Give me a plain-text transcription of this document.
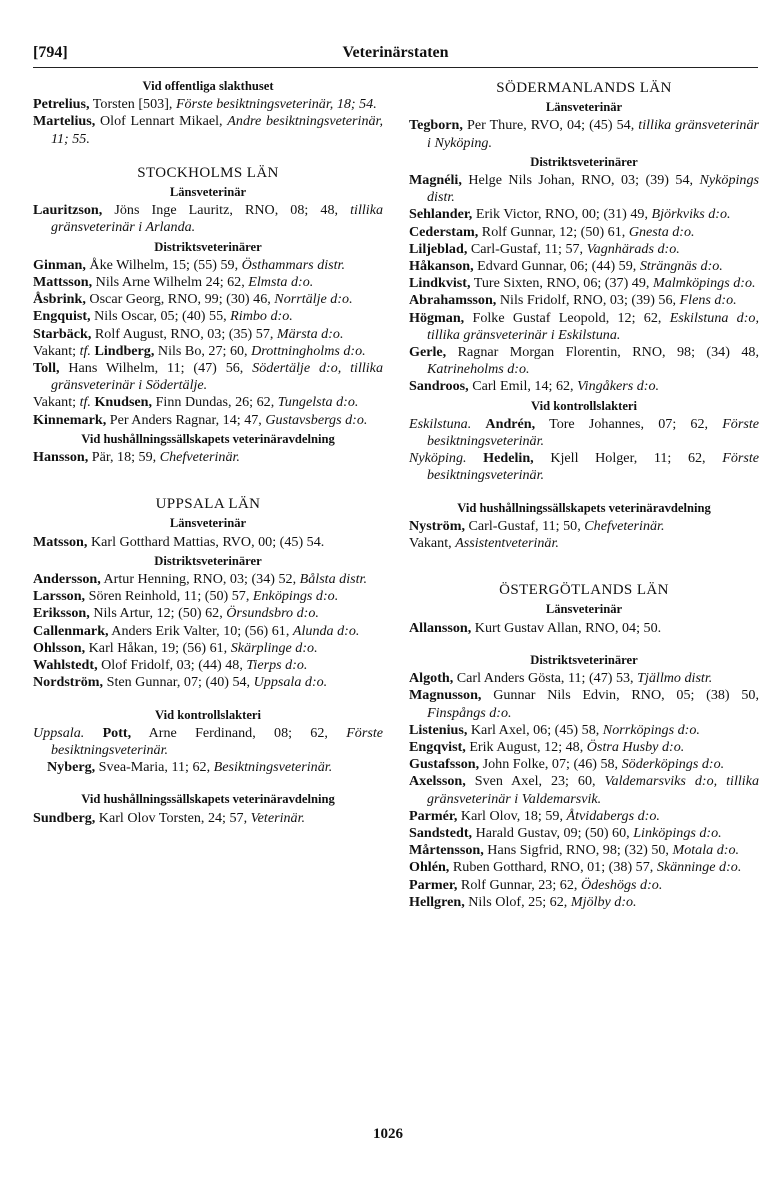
[794]	Veterinärstaten

Vid offentliga slakthuset

Petrelius, Torsten [503], Förste besiktningsveterinär, 18; 54.

Martelius, Olof Lennart Mikael, Andre besiktningsveterinär, 11; 55.

STOCKHOLMS LÄN

Länsveterinär

Lauritzson, Jöns Inge Lauritz, RNO, 08; 48, tillika gränsveterinär i Arlanda.

Distriktsveterinärer

Ginman, Åke Wilhelm, 15; (55) 59, Östhammars distr.

Mattsson, Nils Arne Wilhelm 24; 62, Elmsta d:o.

Åsbrink, Oscar Georg, RNO, 99; (30) 46, Norrtälje d:o.

Engquist, Nils Oscar, 05; (40) 55, Rimbo d:o.

Starbäck, Rolf August, RNO, 03; (35) 57, Märsta d:o.

Vakant; tf. Lindberg, Nils Bo, 27; 60, Drottningholms d:o.

Toll, Hans Wilhelm, 11; (47) 56, Södertälje d:o, tillika gränsveterinär i Södertälje.

Vakant; tf. Knudsen, Finn Dundas, 26; 62, Tungelsta d:o.

Kinnemark, Per Anders Ragnar, 14; 47, Gustavsbergs d:o.

Vid hushållningssällskapets veterinäravdelning

Hansson, Pär, 18; 59, Chefveterinär.

UPPSALA LÄN

Länsveterinär

Matsson, Karl Gotthard Mattias, RVO, 00; (45) 54.

Distriktsveterinärer

Andersson, Artur Henning, RNO, 03; (34) 52, Bålsta distr.

Larsson, Sören Reinhold, 11; (50) 57, Enköpings d:o.

Eriksson, Nils Artur, 12; (50) 62, Örsundsbro d:o.

Callenmark, Anders Erik Valter, 10; (56) 61, Alunda d:o.

Ohlsson, Karl Håkan, 19; (56) 61, Skärplinge d:o.

Wahlstedt, Olof Fridolf, 03; (44) 48, Tierps d:o.

Nordström, Sten Gunnar, 07; (40) 54, Uppsala d:o.

Vid kontrollslakteri

Uppsala. Pott, Arne Ferdinand, 08; 62, Förste besiktningsveterinär.

Nyberg, Svea-Maria, 11; 62, Besiktningsveterinär.

Vid hushållningssällskapets veterinäravdelning

Sundberg, Karl Olov Torsten, 24; 57, Veterinär.

SÖDERMANLANDS LÄN

Länsveterinär

Tegborn, Per Thure, RVO, 04; (45) 54, tillika gränsveterinär i Nyköping.

Distriktsveterinärer

Magnéli, Helge Nils Johan, RNO, 03; (39) 54, Nyköpings distr.

Sehlander, Erik Victor, RNO, 00; (31) 49, Björkviks d:o.

Cederstam, Rolf Gunnar, 12; (50) 61, Gnesta d:o.

Liljeblad, Carl-Gustaf, 11; 57, Vagnhärads d:o.

Håkanson, Edvard Gunnar, 06; (44) 59, Strängnäs d:o.

Lindkvist, Ture Sixten, RNO, 06; (37) 49, Malmköpings d:o.

Abrahamsson, Nils Fridolf, RNO, 03; (39) 56, Flens d:o.

Högman, Folke Gustaf Leopold, 12; 62, Eskilstuna d:o, tillika gränsveterinär i Eskilstuna.

Gerle, Ragnar Morgan Florentin, RNO, 98; (34) 48, Katrineholms d:o.

Sandroos, Carl Emil, 14; 62, Vingåkers d:o.

Vid kontrollslakteri

Eskilstuna. Andrén, Tore Johannes, 07; 62, Förste besiktningsveterinär.

Nyköping. Hedelin, Kjell Holger, 11; 62, Förste besiktningsveterinär.

Vid hushållningssällskapets veterinäravdelning

Nyström, Carl-Gustaf, 11; 50, Chefveterinär.

Vakant, Assistentveterinär.

ÖSTERGÖTLANDS LÄN

Länsveterinär

Allansson, Kurt Gustav Allan, RNO, 04; 50.

Distriktsveterinärer

Algoth, Carl Anders Gösta, 11; (47) 53, Tjällmo distr.

Magnusson, Gunnar Nils Edvin, RNO, 05; (38) 50, Finspångs d:o.

Listenius, Karl Axel, 06; (45) 58, Norrköpings d:o.

Engqvist, Erik August, 12; 48, Östra Husby d:o.

Gustafsson, John Folke, 07; (46) 58, Söderköpings d:o.

Axelsson, Sven Axel, 23; 60, Valdemarsviks d:o, tillika gränsveterinär i Valdemarsvik.

Parmér, Karl Olov, 18; 59, Åtvidabergs d:o.

Sandstedt, Harald Gustav, 09; (50) 60, Linköpings d:o.

Mårtensson, Hans Sigfrid, RNO, 98; (32) 50, Motala d:o.

Ohlén, Ruben Gotthard, RNO, 01; (38) 57, Skänninge d:o.

Parmer, Rolf Gunnar, 23; 62, Ödeshögs d:o.

Hellgren, Nils Olof, 25; 62, Mjölby d:o.

1026
